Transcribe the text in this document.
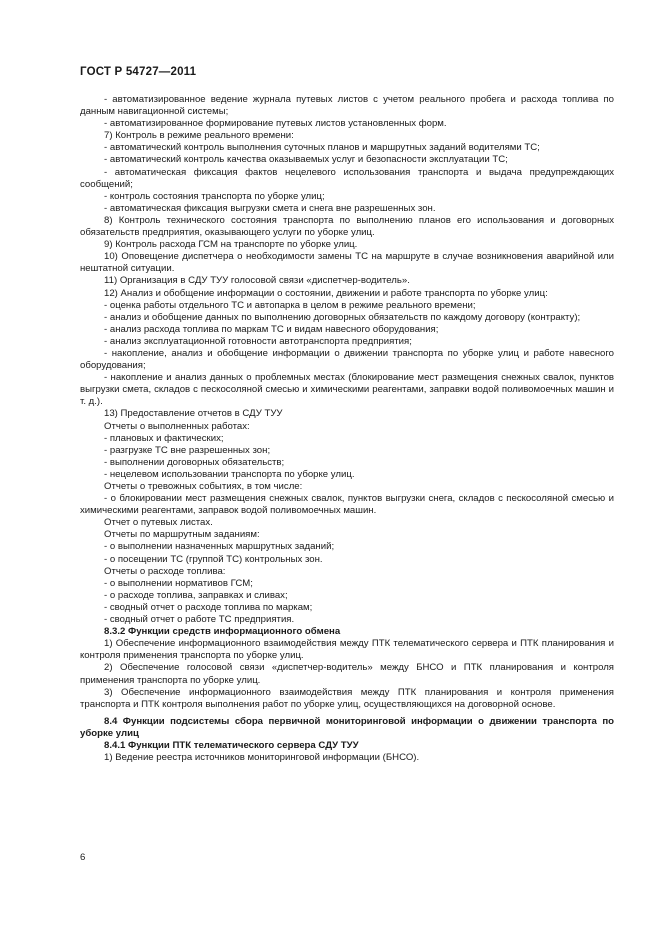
ГОСТ Р 54727—2011

- автоматизированное ведение журнала путевых листов с учетом реального пробега и расхода топлива по данным навигационной системы;

- автоматизированное формирование путевых листов установленных форм.

7) Контроль в режиме реального времени:

- автоматический контроль выполнения суточных планов и маршрутных заданий водителями ТС;

- автоматический контроль качества оказываемых услуг и безопасности эксплуатации ТС;

- автоматическая фиксация фактов нецелевого использования транспорта и выдача предупреждающих сообщений;

- контроль состояния транспорта по уборке улиц;

- автоматическая фиксация выгрузки смета и снега вне разрешенных зон.

8) Контроль технического состояния транспорта по выполнению планов его использования и договорных обязательств предприятия, оказывающего услуги по уборке улиц.

9) Контроль расхода ГСМ на транспорте по уборке улиц.

10) Оповещение диспетчера о необходимости замены ТС на маршруте в случае возникновения аварийной или нештатной ситуации.

11) Организация в СДУ ТУУ голосовой связи «диспетчер-водитель».

12) Анализ и обобщение информации о состоянии, движении и работе транспорта по уборке улиц:

- оценка работы отдельного ТС и автопарка в целом в режиме реального времени;

- анализ и обобщение данных по выполнению договорных обязательств по каждому договору (контракту);

- анализ расхода топлива по маркам ТС и видам навесного оборудования;

- анализ эксплуатационной готовности автотранспорта предприятия;

- накопление, анализ и обобщение информации о движении транспорта по уборке улиц и работе навесного оборудования;

- накопление и анализ данных о проблемных местах (блокирование мест размещения снежных свалок, пунктов выгрузки смета, складов с пескосоляной смесью и химическими реагентами, заправки водой поливомоечных машин и т. д.).

13) Предоставление отчетов в СДУ ТУУ

Отчеты о выполненных работах:

- плановых и фактических;

- разгрузке ТС вне разрешенных зон;

- выполнении договорных обязательств;

- нецелевом использовании транспорта по уборке улиц.

Отчеты о тревожных событиях, в том числе:

- о блокировании мест размещения снежных свалок, пунктов выгрузки снега, складов с пескосоляной смесью и химическими реагентами, заправок водой поливомоечных машин.

Отчет о путевых листах.

Отчеты по маршрутным заданиям:

- о выполнении назначенных маршрутных заданий;

- о посещении ТС (группой ТС) контрольных зон.

Отчеты о расходе топлива:

- о выполнении нормативов ГСМ;

- о расходе топлива, заправках и сливах;

- сводный отчет о расходе топлива по маркам;

- сводный отчет о работе ТС предприятия.

8.3.2 Функции средств информационного обмена

1) Обеспечение информационного взаимодействия между ПТК телематического сервера и ПТК планирования и контроля применения транспорта по уборке улиц.

2) Обеспечение голосовой связи «диспетчер-водитель» между БНСО и ПТК планирования и контроля применения транспорта по уборке улиц.

3) Обеспечение информационного взаимодействия между ПТК планирования и контроля применения транспорта и ПТК контроля выполнения работ по уборке улиц, осуществляющихся на договорной основе.

8.4 Функции подсистемы сбора первичной мониторинговой информации о движении транспорта по уборке улиц

8.4.1 Функции ПТК телематического сервера СДУ ТУУ

1) Ведение реестра источников мониторинговой информации (БНСО).

6
